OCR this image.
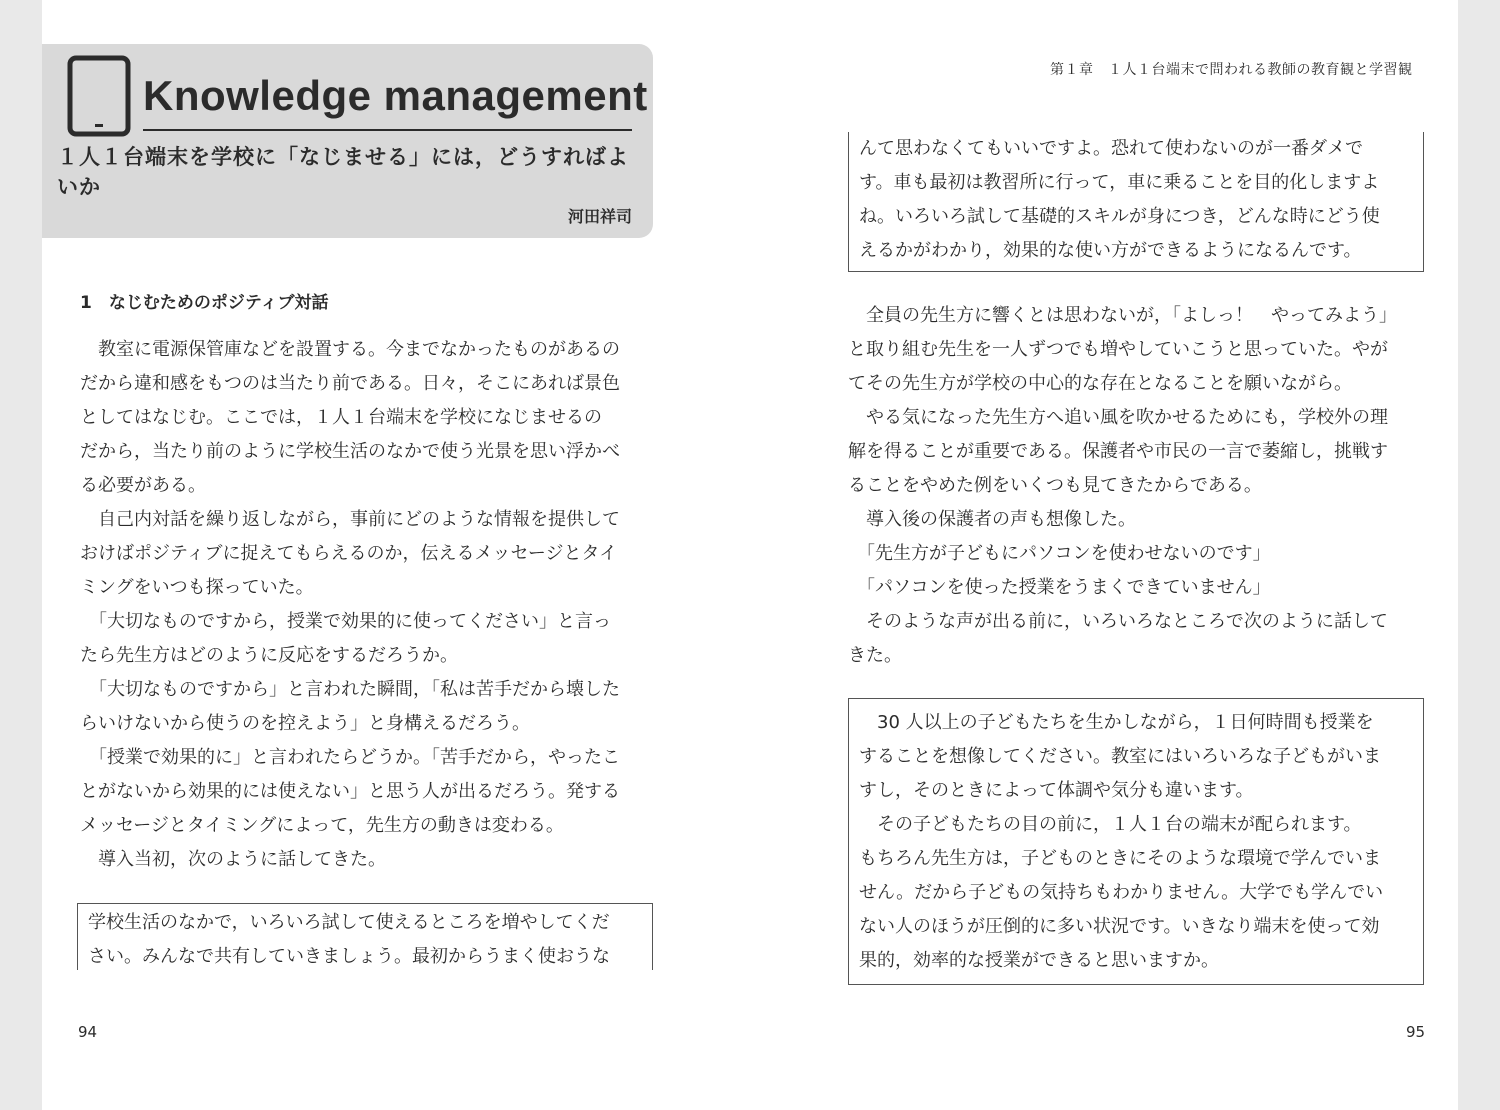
Knowledge management
１人１台端末を学校に「なじませる」には，どうすればよいか
河田祥司
第１章　１人１台端末で問われる教師の教育観と学習観
1　なじむためのポジティブ対話

　教室に電源保管庫などを設置する。今までなかったものがあるの

だから違和感をもつのは当たり前である。日々，そこにあれば景色

としてはなじむ。ここでは，１人１台端末を学校になじませるの

だから，当たり前のように学校生活のなかで使う光景を思い浮かべ

る必要がある。

　自己内対話を繰り返しながら，事前にどのような情報を提供して

おけばポジティブに捉えてもらえるのか，伝えるメッセージとタイ

ミングをいつも探っていた。

　「大切なものですから，授業で効果的に使ってください」と言っ

たら先生方はどのように反応をするだろうか。

　「大切なものですから」と言われた瞬間，「私は苦手だから壊した

らいけないから使うのを控えよう」と身構えるだろう。

　「授業で効果的に」と言われたらどうか。「苦手だから，やったこ

とがないから効果的には使えない」と思う人が出るだろう。発する

メッセージとタイミングによって，先生方の動きは変わる。

　導入当初，次のように話してきた。

学校生活のなかで，いろいろ試して使えるところを増やしてくだ

さい。みんなで共有していきましょう。最初からうまく使おうな

94

んて思わなくてもいいですよ。恐れて使わないのが一番ダメで

す。車も最初は教習所に行って，車に乗ることを目的化しますよ

ね。いろいろ試して基礎的スキルが身につき，どんな時にどう使

えるかがわかり，効果的な使い方ができるようになるんです。

　全員の先生方に響くとは思わないが，「よしっ！　やってみよう」

と取り組む先生を一人ずつでも増やしていこうと思っていた。やが

てその先生方が学校の中心的な存在となることを願いながら。

　やる気になった先生方へ追い風を吹かせるためにも，学校外の理

解を得ることが重要である。保護者や市民の一言で萎縮し，挑戦す

ることをやめた例をいくつも見てきたからである。

　導入後の保護者の声も想像した。

　「先生方が子どもにパソコンを使わせないのです」

　「パソコンを使った授業をうまくできていません」

　そのような声が出る前に，いろいろなところで次のように話して

きた。

　30 人以上の子どもたちを生かしながら，１日何時間も授業を

することを想像してください。教室にはいろいろな子どもがいま

すし，そのときによって体調や気分も違います。

　その子どもたちの目の前に，１人１台の端末が配られます。

もちろん先生方は，子どものときにそのような環境で学んでいま

せん。だから子どもの気持ちもわかりません。大学でも学んでい

ない人のほうが圧倒的に多い状況です。いきなり端末を使って効

果的，効率的な授業ができると思いますか。

95
